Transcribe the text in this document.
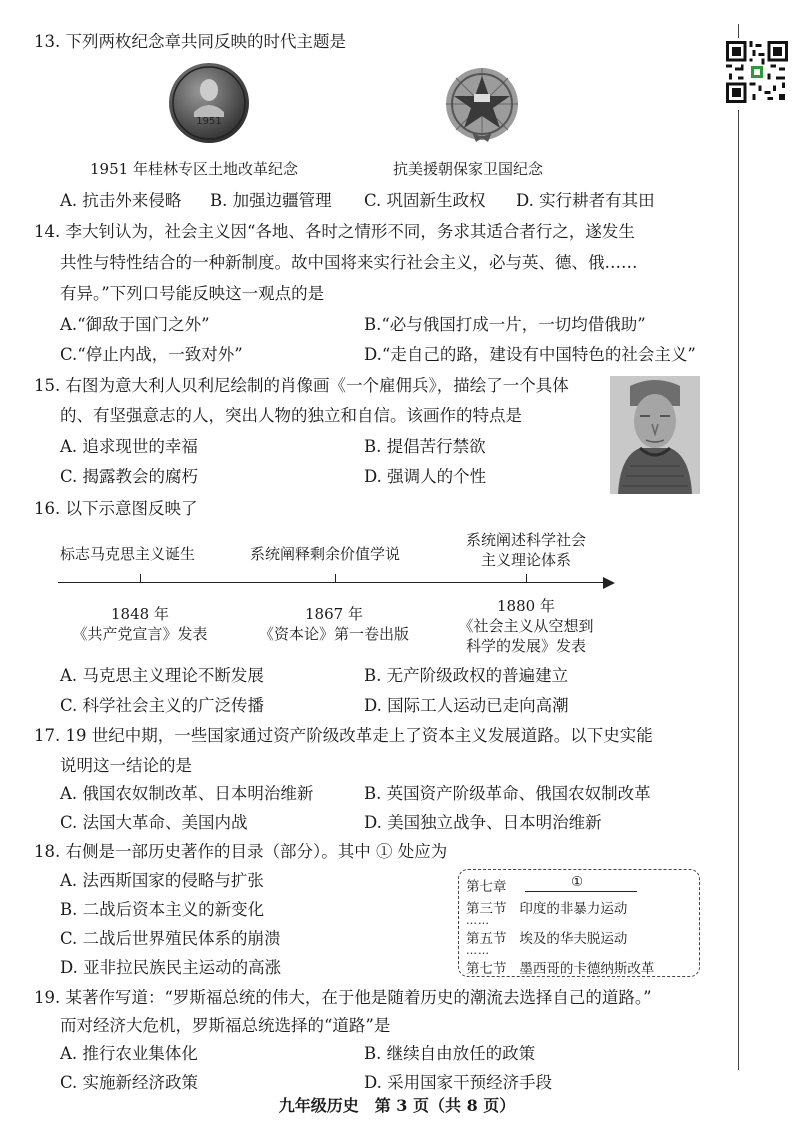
13. 下列两枚纪念章共同反映的时代主题是
1951
1951 年桂林专区土地改革纪念	抗美援朝保家卫国纪念
A. 抗击外来侵略 B. 加强边疆管理 C. 巩固新生政权 D. 实行耕者有其田
14. 李大钊认为，社会主义因“各地、各时之情形不同，务求其适合者行之，遂发生
共性与特性结合的一种新制度。故中国将来实行社会主义，必与英、德、俄……
有异。”下列口号能反映这一观点的是
A.“御敌于国门之外”	B.“必与俄国打成一片，一切均借俄助”
C.“停止内战，一致对外”	D.“走自己的路，建设有中国特色的社会主义”
15. 右图为意大利人贝利尼绘制的肖像画《一个雇佣兵》，描绘了一个具体
的、有坚强意志的人，突出人物的独立和自信。该画作的特点是
A. 追求现世的幸福	B. 提倡苦行禁欲
C. 揭露教会的腐朽	D. 强调人的个性
16. 以下示意图反映了
标志马克思主义诞生	系统阐释剩余价值学说
系统阐述科学社会
主义理论体系
1848 年
《共产党宣言》发表
1867 年
《资本论》第一卷出版
1880 年
《社会主义从空想到
科学的发展》发表
A. 马克思主义理论不断发展	B. 无产阶级政权的普遍建立
C. 科学社会主义的广泛传播	D. 国际工人运动已走向高潮
17. 19 世纪中期，一些国家通过资产阶级改革走上了资本主义发展道路。以下史实能
说明这一结论的是
A. 俄国农奴制改革、日本明治维新	B. 英国资产阶级革命、俄国农奴制改革
C. 法国大革命、美国内战	D. 美国独立战争、日本明治维新
18. 右侧是一部历史著作的目录（部分）。其中 ① 处应为
A. 法西斯国家的侵略与扩张
B. 二战后资本主义的新变化
C. 二战后世界殖民体系的崩溃
D. 亚非拉民族民主运动的高涨
第七章	①
第三节 印度的非暴力运动
……
第五节 埃及的华夫脱运动
……
第七节 墨西哥的卡德纳斯改革
19. 某著作写道：“罗斯福总统的伟大，在于他是随着历史的潮流去选择自己的道路。”
而对经济大危机，罗斯福总统选择的“道路”是
A. 推行农业集体化	B. 继续自由放任的政策
C. 实施新经济政策	D. 采用国家干预经济手段
九年级历史　第 3 页（共 8 页）
